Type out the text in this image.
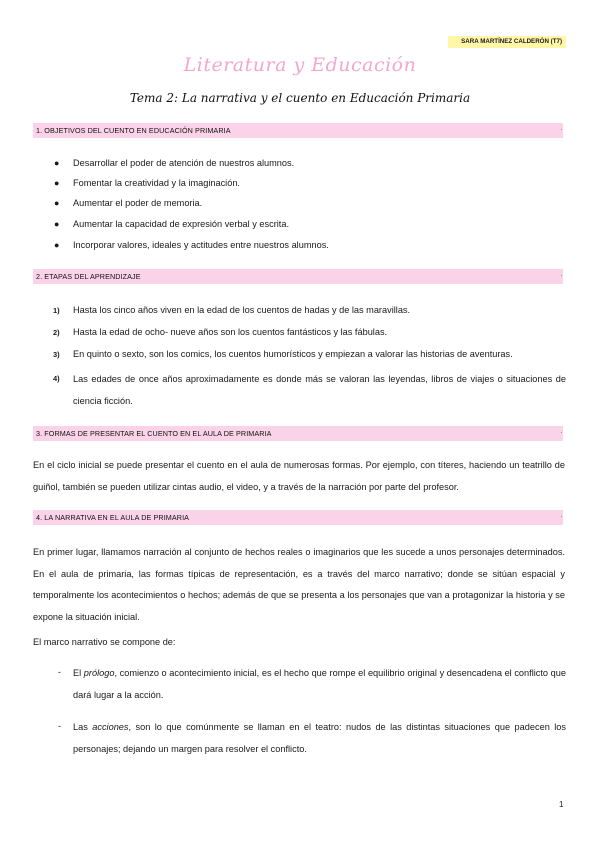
SARA MARTÍNEZ CALDERÓN (T7)
Literatura y Educación
Tema 2: La narrativa y el cuento en Educación Primaria
1. OBJETIVOS DEL CUENTO EN EDUCACIÓN PRIMARIA
● Desarrollar el poder de atención de nuestros alumnos.
● Fomentar la creatividad y la imaginación.
● Aumentar el poder de memoria.
● Aumentar la capacidad de expresión verbal y escrita.
● Incorporar valores, ideales y actitudes entre nuestros alumnos.
2. ETAPAS DEL APRENDIZAJE
1) Hasta los cinco años viven en la edad de los cuentos de hadas y de las maravillas.
2) Hasta la edad de ocho- nueve años son los cuentos fantásticos y las fábulas.
3) En quinto o sexto, son los comics, los cuentos humorísticos y empiezan a valorar las historias de aventuras.
4) Las edades de once años aproximadamente es donde más se valoran las leyendas, libros de viajes o situaciones de ciencia ficción.
3. FORMAS DE PRESENTAR EL CUENTO EN EL AULA DE PRIMARIA

En el ciclo inicial se puede presentar el cuento en el aula de numerosas formas. Por ejemplo, con títeres, haciendo un teatrillo de guiñol, también se pueden utilizar cintas audio, el video, y a través de la narración por parte del profesor.

4. LA NARRATIVA EN EL AULA DE PRIMARIA

En primer lugar, llamamos narración al conjunto de hechos reales o imaginarios que les sucede a unos personajes determinados. En el aula de primaria, las formas típicas de representación, es a través del marco narrativo; donde se sitúan espacial y temporalmente los acontecimientos o hechos; además de que se presenta a los personajes que van a protagonizar la historia y se expone la situación inicial.

El marco narrativo se compone de:

- El prólogo, comienzo o acontecimiento inicial, es el hecho que rompe el equilibrio original y desencadena el conflicto que dará lugar a la acción.
- Las acciones, son lo que comúnmente se llaman en el teatro: nudos de las distintas situaciones que padecen los personajes; dejando un margen para resolver el conflicto.
1
